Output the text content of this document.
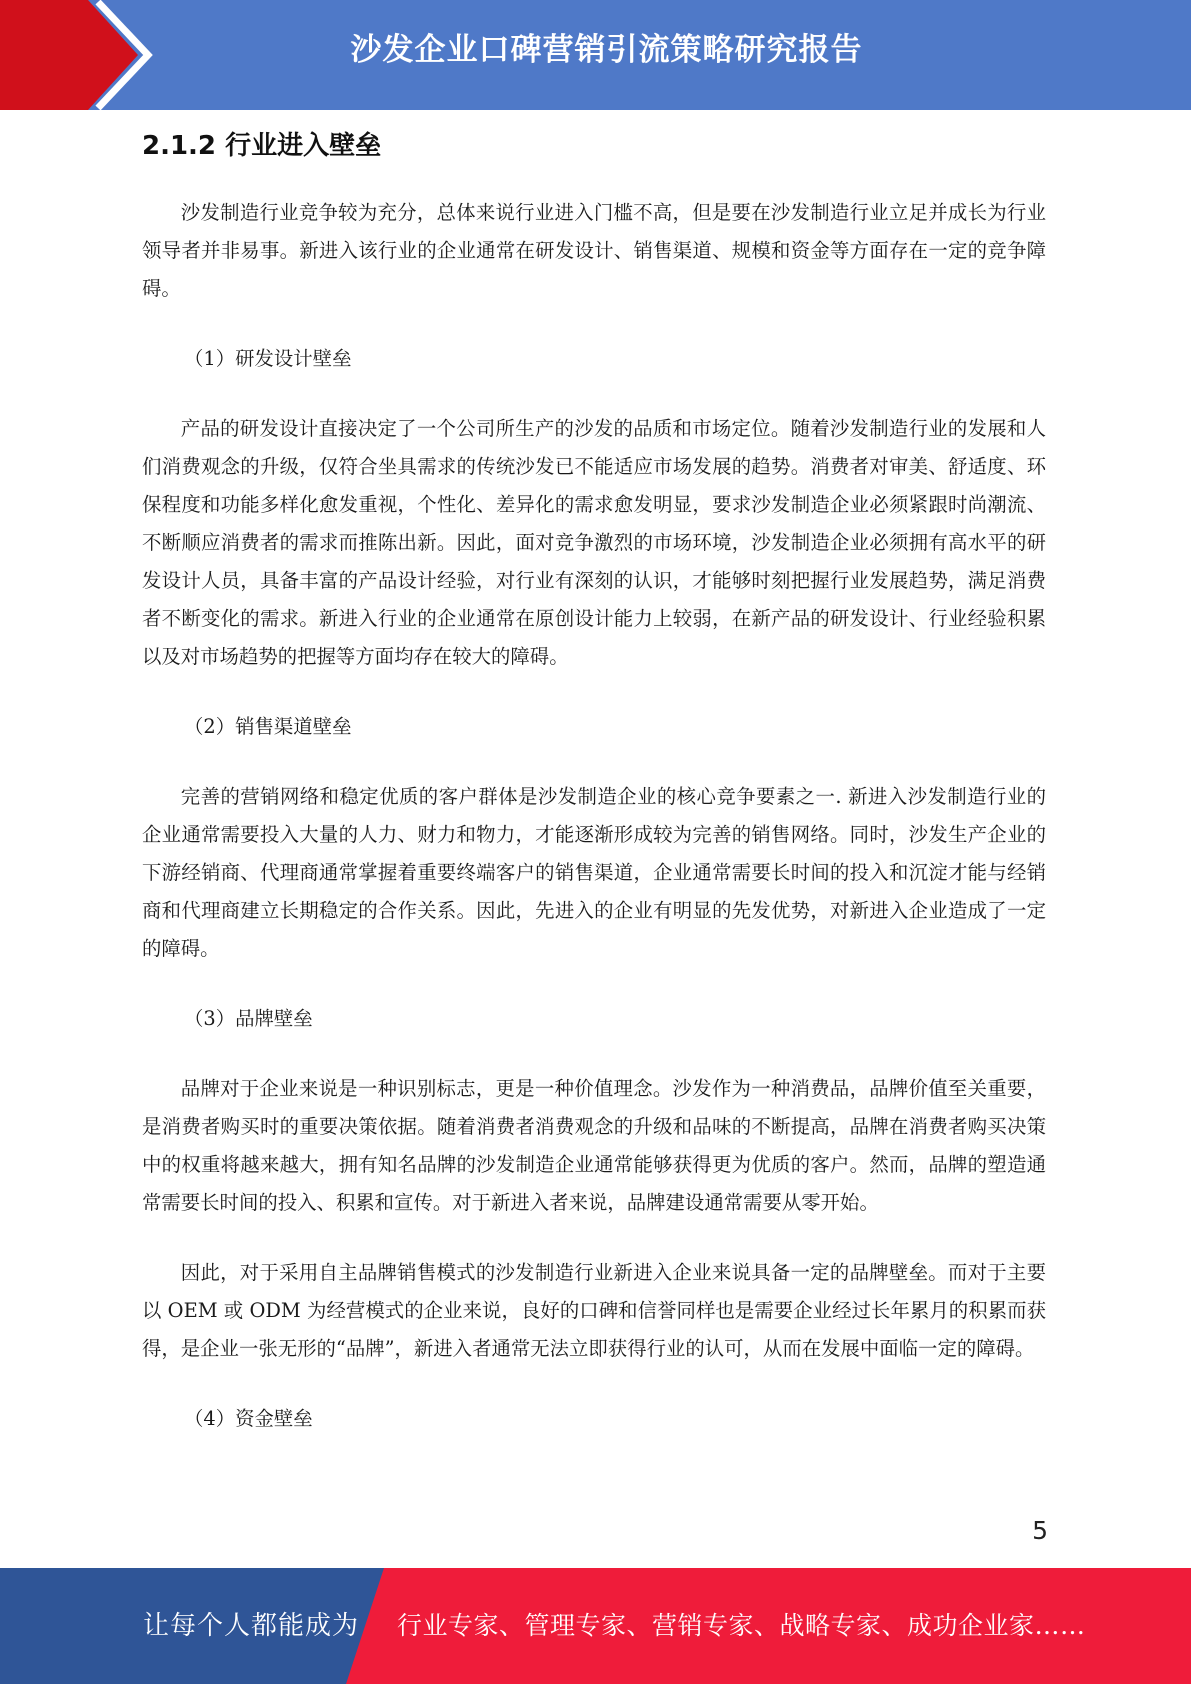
沙发企业口碑营销引流策略研究报告
2.1.2 行业进入壁垒

沙发制造行业竞争较为充分，总体来说行业进入门槛不高，但是要在沙发制造行业立足并成长为行业领导者并非易事。新进入该行业的企业通常在研发设计、销售渠道、规模和资金等方面存在一定的竞争障碍。

（1）研发设计壁垒

产品的研发设计直接决定了一个公司所生产的沙发的品质和市场定位。随着沙发制造行业的发展和人们消费观念的升级，仅符合坐具需求的传统沙发已不能适应市场发展的趋势。消费者对审美、舒适度、环保程度和功能多样化愈发重视，个性化、差异化的需求愈发明显，要求沙发制造企业必须紧跟时尚潮流、不断顺应消费者的需求而推陈出新。因此，面对竞争激烈的市场环境，沙发制造企业必须拥有高水平的研发设计人员，具备丰富的产品设计经验，对行业有深刻的认识，才能够时刻把握行业发展趋势，满足消费者不断变化的需求。新进入行业的企业通常在原创设计能力上较弱，在新产品的研发设计、行业经验积累以及对市场趋势的把握等方面均存在较大的障碍。

（2）销售渠道壁垒

完善的营销网络和稳定优质的客户群体是沙发制造企业的核心竞争要素之一. 新进入沙发制造行业的企业通常需要投入大量的人力、财力和物力，才能逐渐形成较为完善的销售网络。同时，沙发生产企业的下游经销商、代理商通常掌握着重要终端客户的销售渠道，企业通常需要长时间的投入和沉淀才能与经销商和代理商建立长期稳定的合作关系。因此，先进入的企业有明显的先发优势，对新进入企业造成了一定的障碍。

（3）品牌壁垒

品牌对于企业来说是一种识别标志，更是一种价值理念。沙发作为一种消费品，品牌价值至关重要，是消费者购买时的重要决策依据。随着消费者消费观念的升级和品味的不断提高，品牌在消费者购买决策中的权重将越来越大，拥有知名品牌的沙发制造企业通常能够获得更为优质的客户。然而，品牌的塑造通常需要长时间的投入、积累和宣传。对于新进入者来说，品牌建设通常需要从零开始。

因此，对于采用自主品牌销售模式的沙发制造行业新进入企业来说具备一定的品牌壁垒。而对于主要以 OEM 或 ODM 为经营模式的企业来说，良好的口碑和信誉同样也是需要企业经过长年累月的积累而获得，是企业一张无形的“品牌”，新进入者通常无法立即获得行业的认可，从而在发展中面临一定的障碍。

（4）资金壁垒
5
让每个人都能成为 行业专家、管理专家、营销专家、战略专家、成功企业家……
